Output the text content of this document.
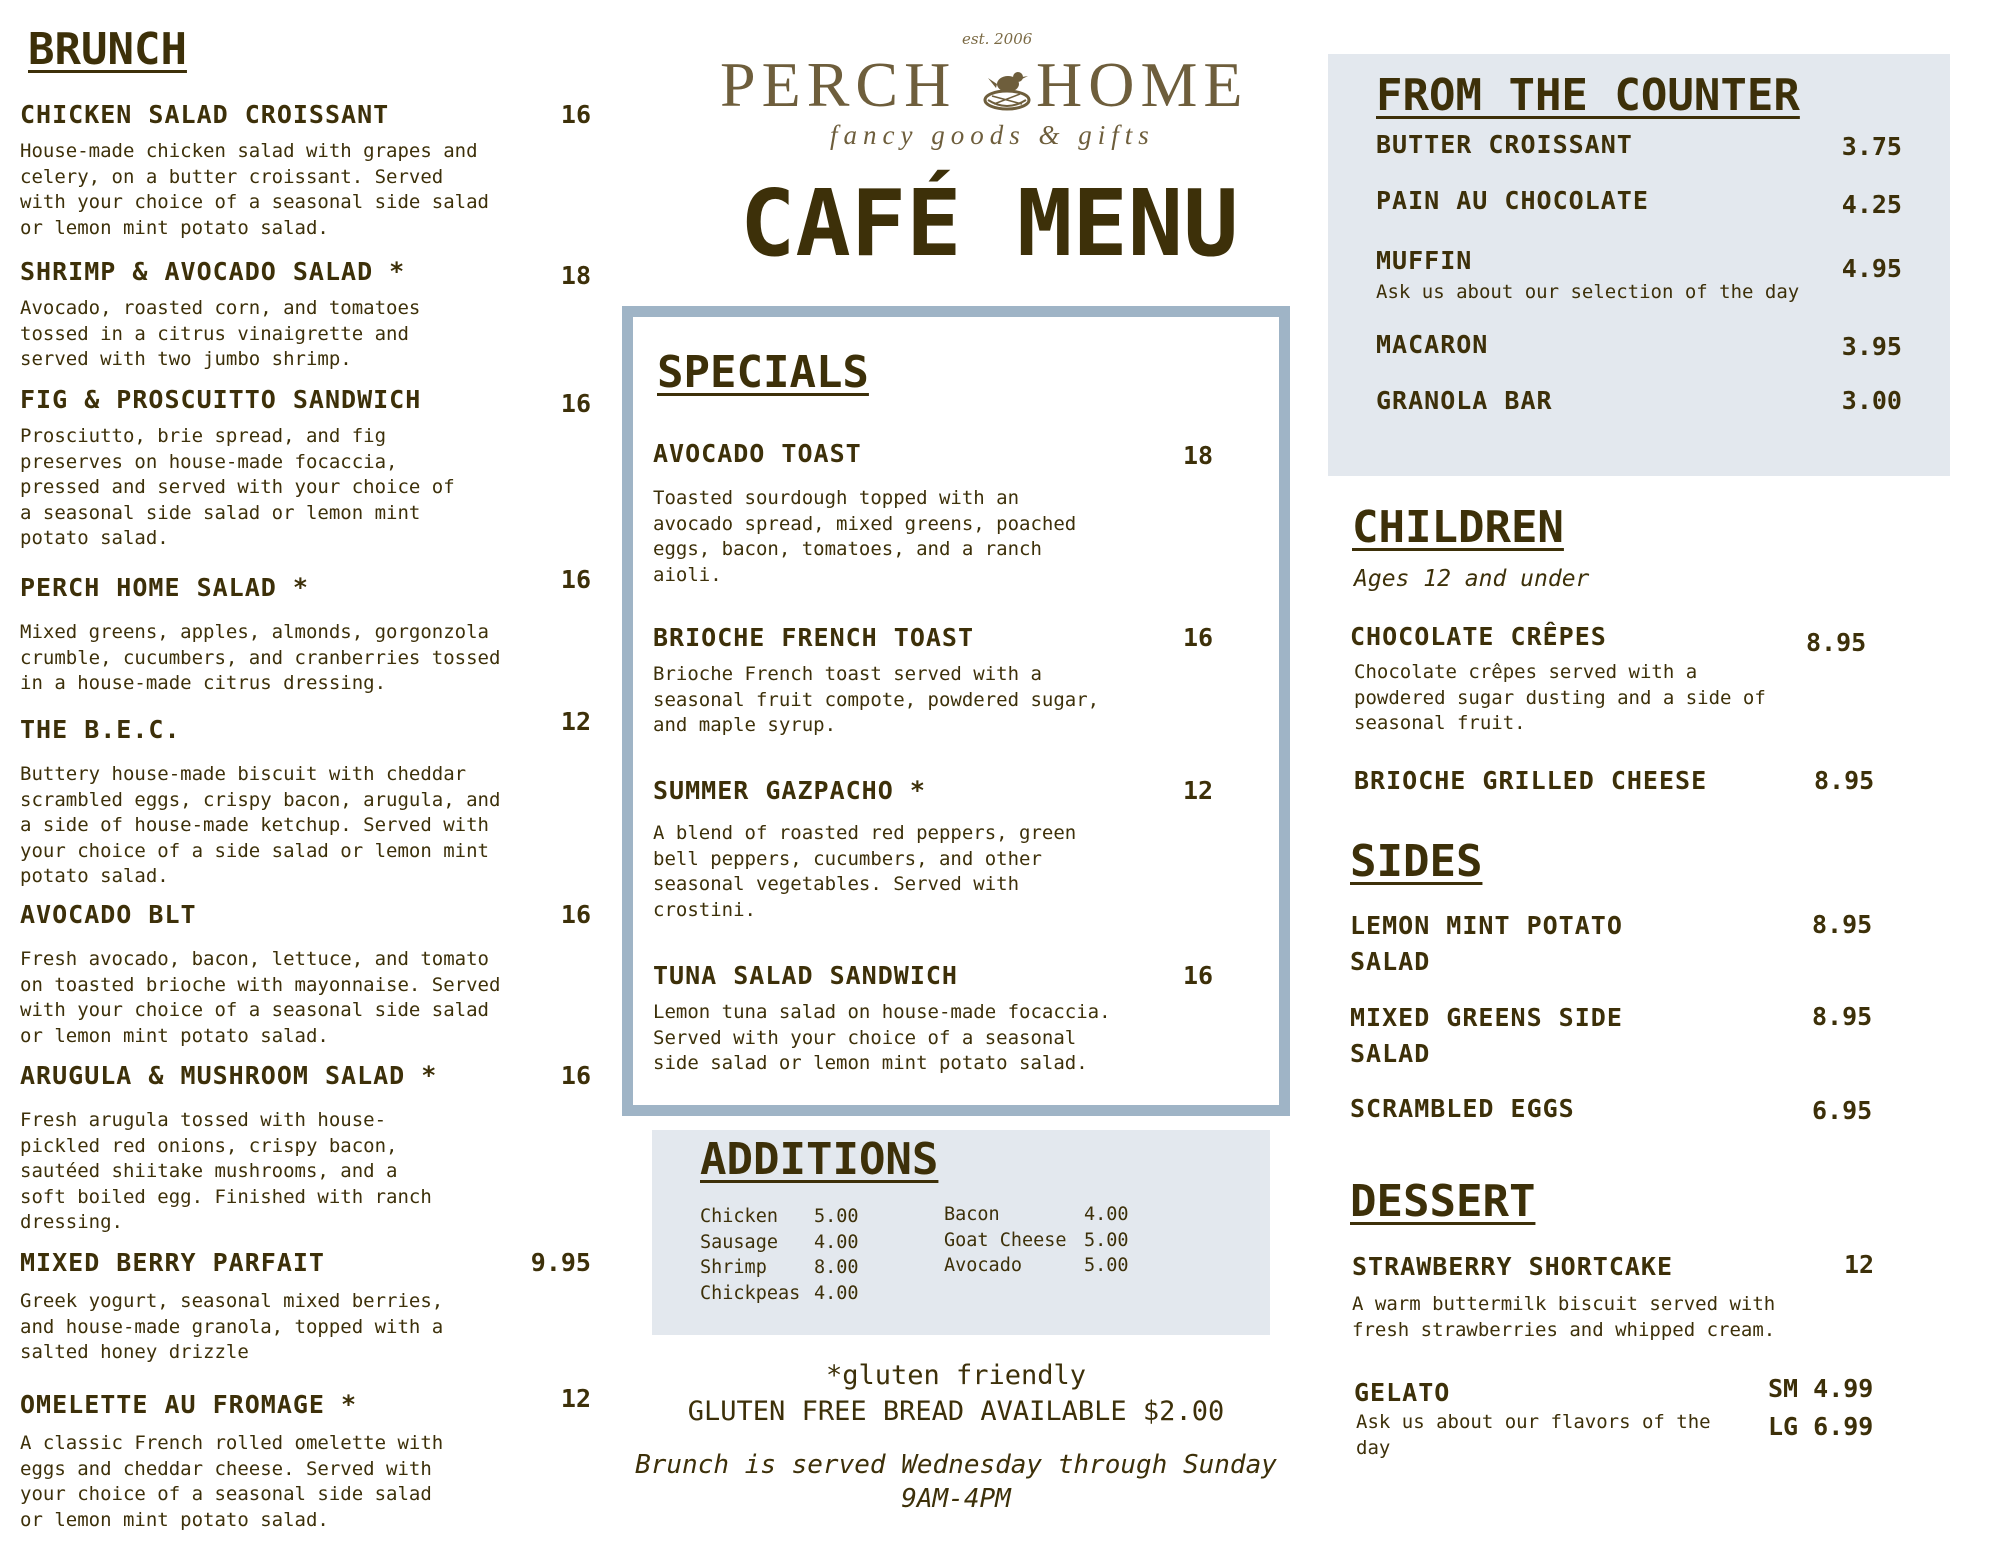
BRUNCH
CHICKEN SALAD CROISSANT	16
House-made chicken salad with grapes and
celery, on a butter croissant. Served
with your choice of a seasonal side salad
or lemon mint potato salad.
SHRIMP & AVOCADO SALAD *	18
Avocado, roasted corn, and tomatoes
tossed in a citrus vinaigrette and
served with two jumbo shrimp.
FIG & PROSCUITTO SANDWICH	16
Prosciutto, brie spread, and fig
preserves on house-made focaccia,
pressed and served with your choice of
a seasonal side salad or lemon mint
potato salad.
PERCH HOME SALAD *	16
Mixed greens, apples, almonds, gorgonzola
crumble, cucumbers, and cranberries tossed
in a house-made citrus dressing.
THE B.E.C.	12
Buttery house-made biscuit with cheddar
scrambled eggs, crispy bacon, arugula, and
a side of house-made ketchup. Served with
your choice of a side salad or lemon mint
potato salad.
AVOCADO BLT	16
Fresh avocado, bacon, lettuce, and tomato
on toasted brioche with mayonnaise. Served
with your choice of a seasonal side salad
or lemon mint potato salad.
ARUGULA & MUSHROOM SALAD *	16
Fresh arugula tossed with house-
pickled red onions, crispy bacon,
sautéed shiitake mushrooms, and a
soft boiled egg. Finished with ranch
dressing.
MIXED BERRY PARFAIT	9.95
Greek yogurt, seasonal mixed berries,
and house-made granola, topped with a
salted honey drizzle
OMELETTE AU FROMAGE *	12
A classic French rolled omelette with
eggs and cheddar cheese. Served with
your choice of a seasonal side salad
or lemon mint potato salad.
est. 2006
PERCH HOME
fancy goods & gifts
CAFÉ MENU
SPECIALS
AVOCADO TOAST	18
Toasted sourdough topped with an
avocado spread, mixed greens, poached
eggs, bacon, tomatoes, and a ranch
aioli.
BRIOCHE FRENCH TOAST	16
Brioche French toast served with a
seasonal fruit compote, powdered sugar,
and maple syrup.
SUMMER GAZPACHO *	12
A blend of roasted red peppers, green
bell peppers, cucumbers, and other
seasonal vegetables. Served with
crostini.
TUNA SALAD SANDWICH	16
Lemon tuna salad on house-made focaccia.
Served with your choice of a seasonal
side salad or lemon mint potato salad.
ADDITIONS
Chicken 5.00
Sausage 4.00
Shrimp	8.00
Chickpeas 4.00
Bacon	4.00
Goat Cheese 5.00
Avocado	5.00
*gluten friendly
GLUTEN FREE BREAD AVAILABLE $2.00
Brunch is served Wednesday through Sunday
9AM-4PM
FROM THE COUNTER
BUTTER CROISSANT	3.75
PAIN AU CHOCOLATE	4.25
MUFFIN	4.95
Ask us about our selection of the day
MACARON	3.95
GRANOLA BAR	3.00
CHILDREN
Ages 12 and under
CHOCOLATE CRÊPES	8.95
Chocolate crêpes served with a
powdered sugar dusting and a side of
seasonal fruit.
BRIOCHE GRILLED CHEESE	8.95
SIDES
LEMON MINT POTATO
SALAD
8.95
MIXED GREENS SIDE
SALAD
8.95
SCRAMBLED EGGS	6.95
DESSERT
STRAWBERRY SHORTCAKE	12
A warm buttermilk biscuit served with
fresh strawberries and whipped cream.
GELATO	SM 4.99
LG 6.99
Ask us about our flavors of the
day
